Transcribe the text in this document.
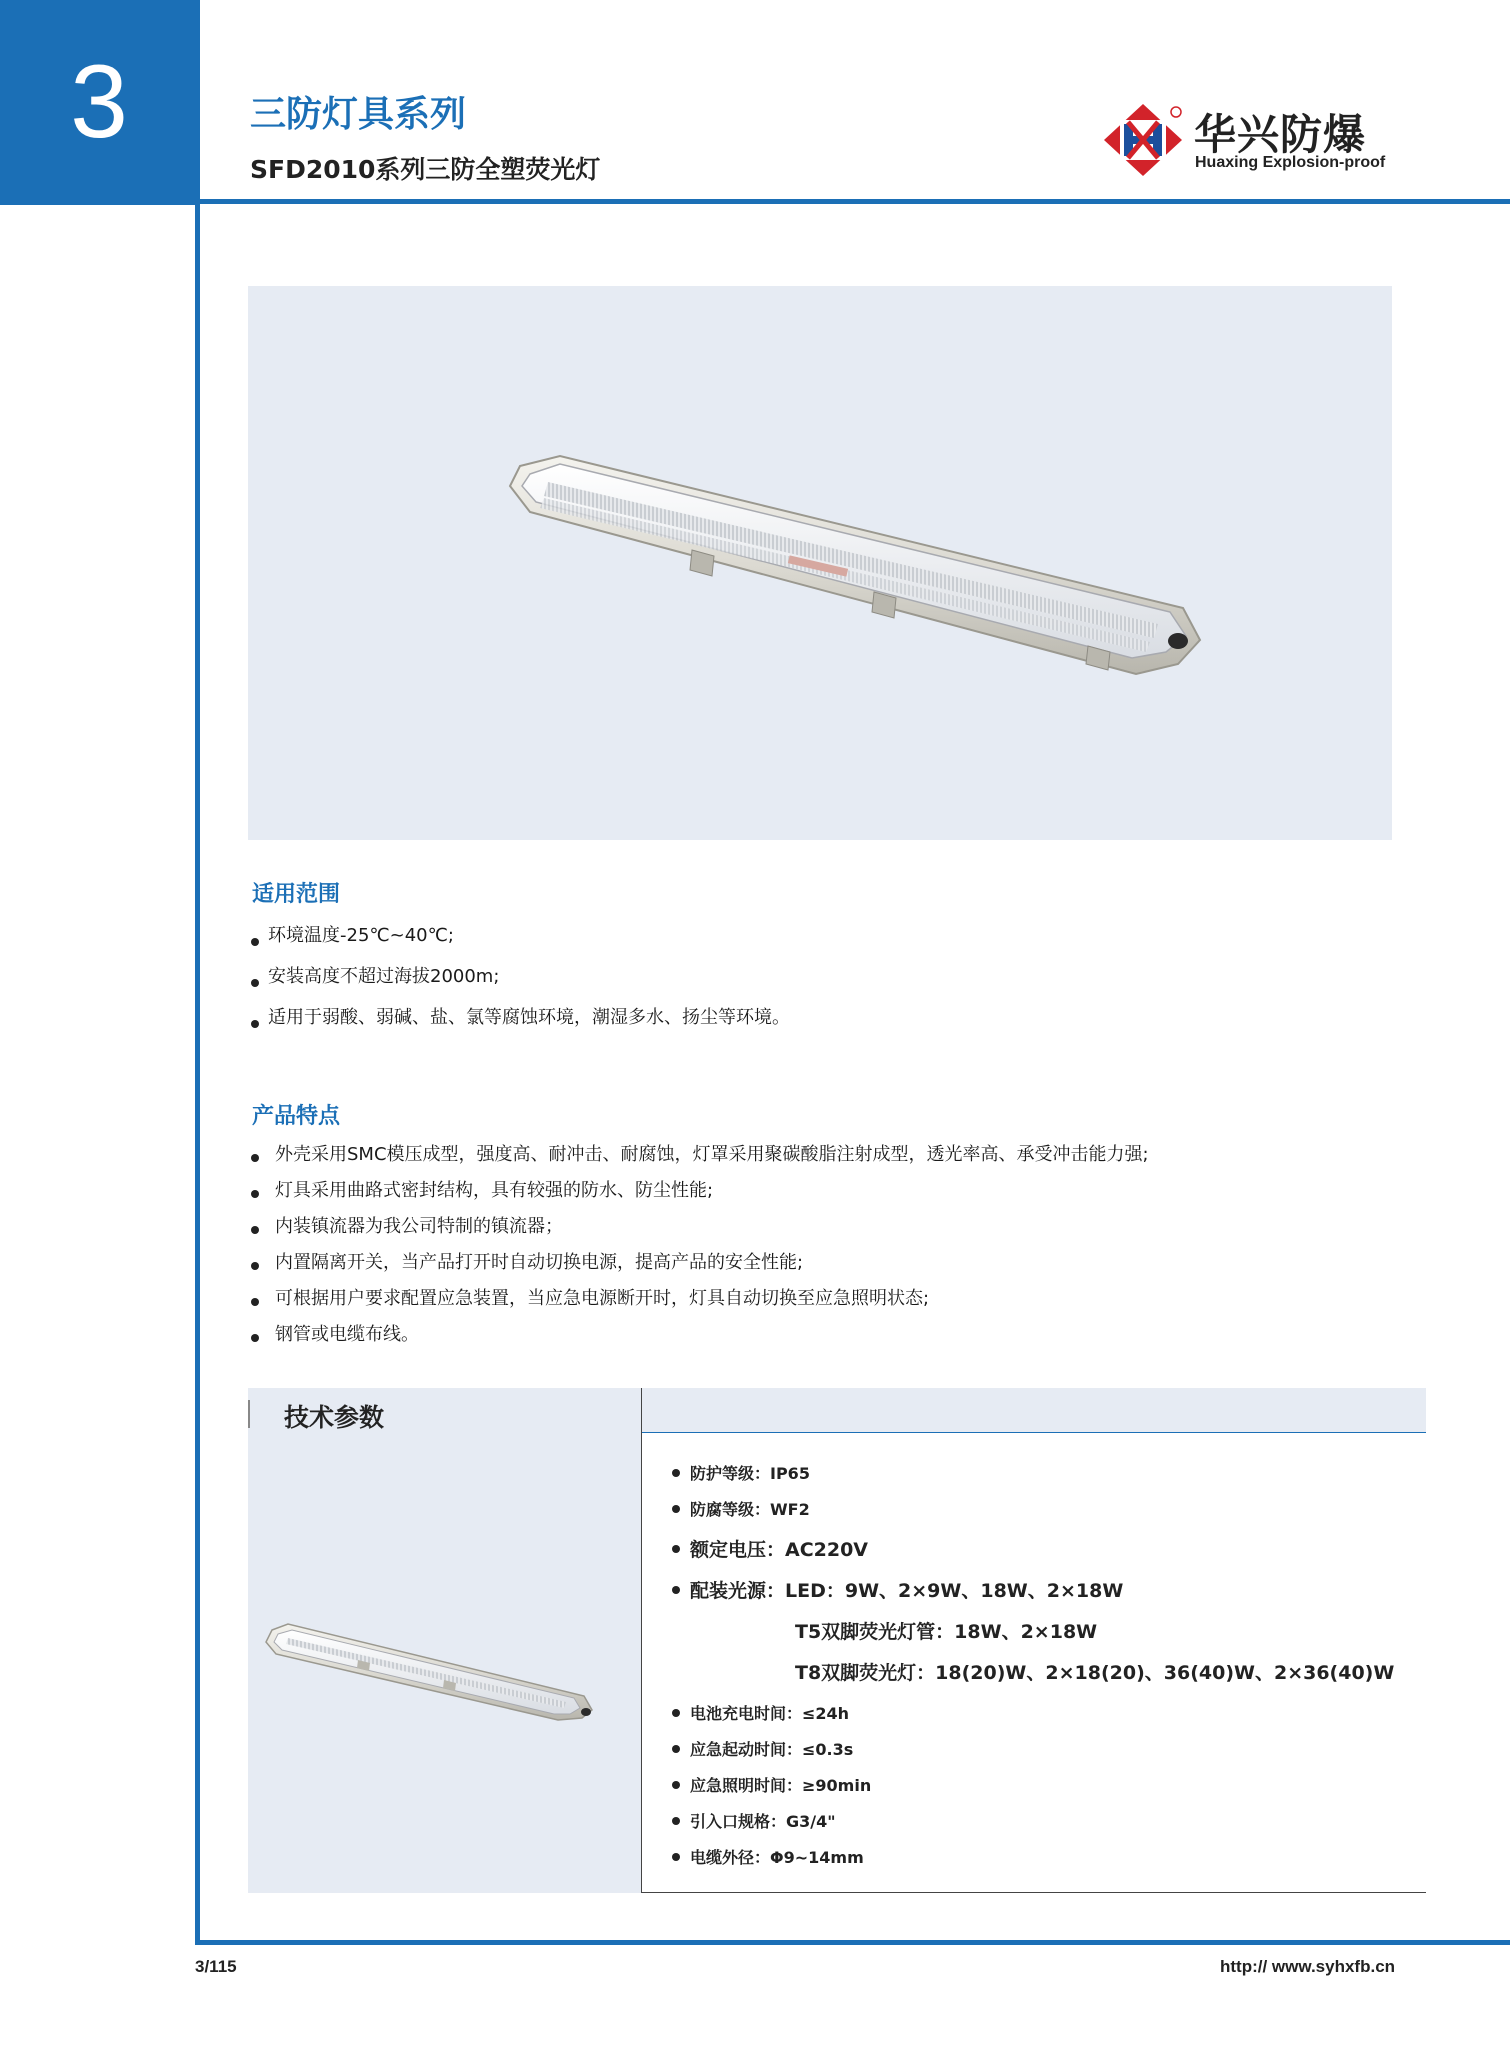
3	三防灯具系列
SFD2010系列三防全塑荧光灯
华兴防爆
Huaxing Explosion-proof
适用范围
环境温度-25℃~40℃;
安装高度不超过海拔2000m;
适用于弱酸、弱碱、盐、氯等腐蚀环境，潮湿多水、扬尘等环境。
产品特点
外壳采用SMC模压成型，强度高、耐冲击、耐腐蚀，灯罩采用聚碳酸脂注射成型，透光率高、承受冲击能力强;
灯具采用曲路式密封结构，具有较强的防水、防尘性能;
内装镇流器为我公司特制的镇流器；
内置隔离开关，当产品打开时自动切换电源，提高产品的安全性能;
可根据用户要求配置应急装置，当应急电源断开时，灯具自动切换至应急照明状态;
钢管或电缆布线。
技术参数
防护等级：IP65
防腐等级：WF2
额定电压：AC220V
配装光源：LED：9W、2×9W、18W、2×18W
T5双脚荧光灯管：18W、2×18W
T8双脚荧光灯：18(20)W、2×18(20)、36(40)W、2×36(40)W
电池充电时间：≤24h
应急起动时间：≤0.3s
应急照明时间：≥90min
引入口规格：G3/4"
电缆外径：Φ9~14mm
3/115	http:// www.syhxfb.cn
